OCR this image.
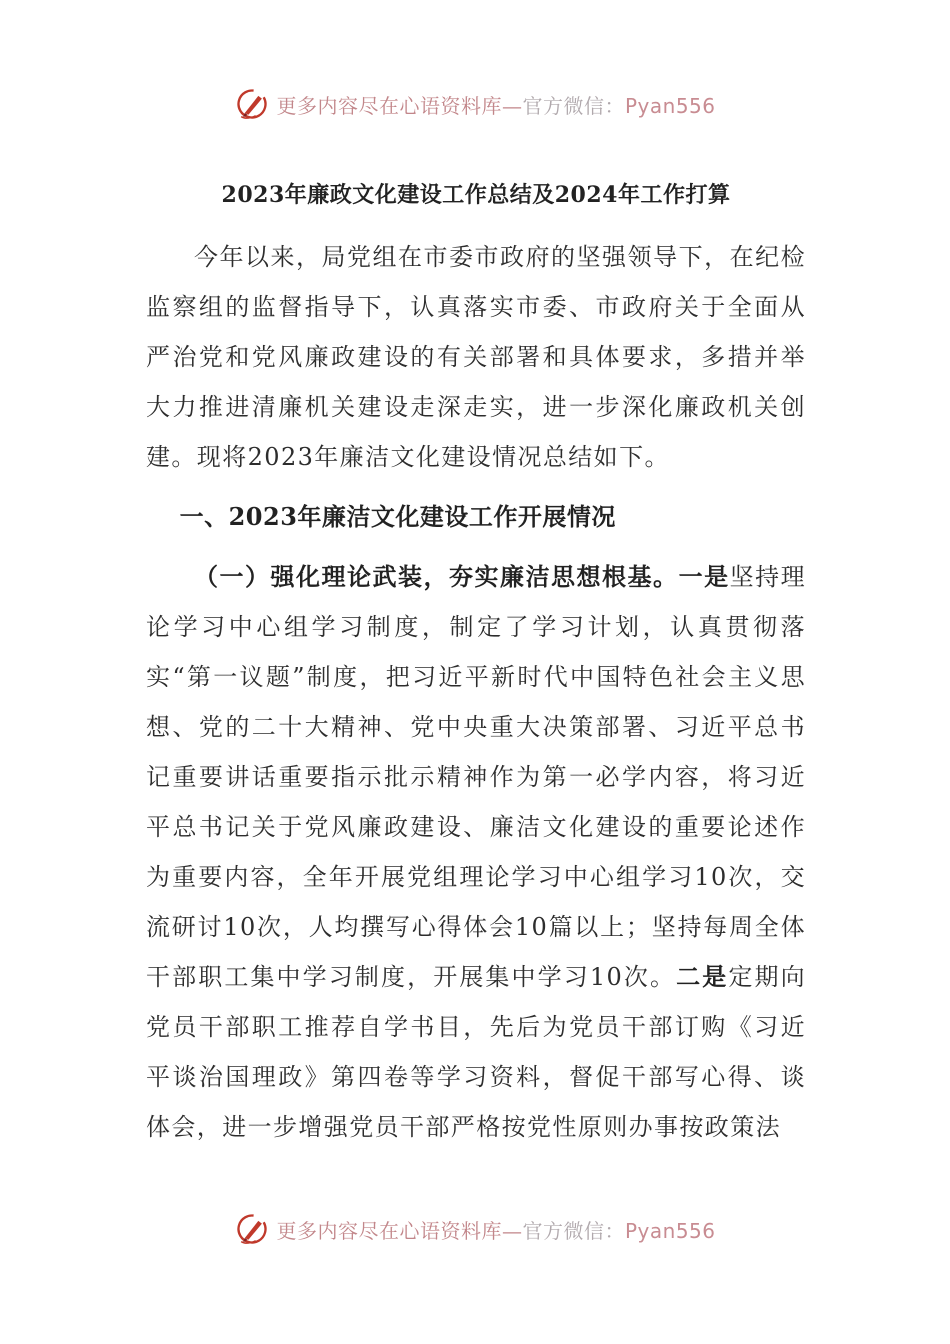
更多内容尽在心语资料库—官方微信：Pyan556
2023年廉政文化建设工作总结及2024年工作打算

今年以来，局党组在市委市政府的坚强领导下，在纪检监察组的监督指导下，认真落实市委、市政府关于全面从严治党和党风廉政建设的有关部署和具体要求，多措并举大力推进清廉机关建设走深走实，进一步深化廉政机关创建。现将2023年廉洁文化建设情况总结如下。

一、2023年廉洁文化建设工作开展情况

（一）强化理论武装，夯实廉洁思想根基。一是坚持理论学习中心组学习制度，制定了学习计划，认真贯彻落实“第一议题”制度，把习近平新时代中国特色社会主义思想、党的二十大精神、党中央重大决策部署、习近平总书记重要讲话重要指示批示精神作为第一必学内容，将习近平总书记关于党风廉政建设、廉洁文化建设的重要论述作为重要内容，全年开展党组理论学习中心组学习10次，交流研讨10次，人均撰写心得体会10篇以上；坚持每周全体干部职工集中学习制度，开展集中学习10次。二是定期向党员干部职工推荐自学书目，先后为党员干部订购《习近平谈治国理政》第四卷等学习资料，督促干部写心得、谈体会，进一步增强党员干部严格按党性原则办事按政策法

更多内容尽在心语资料库—官方微信：Pyan556
